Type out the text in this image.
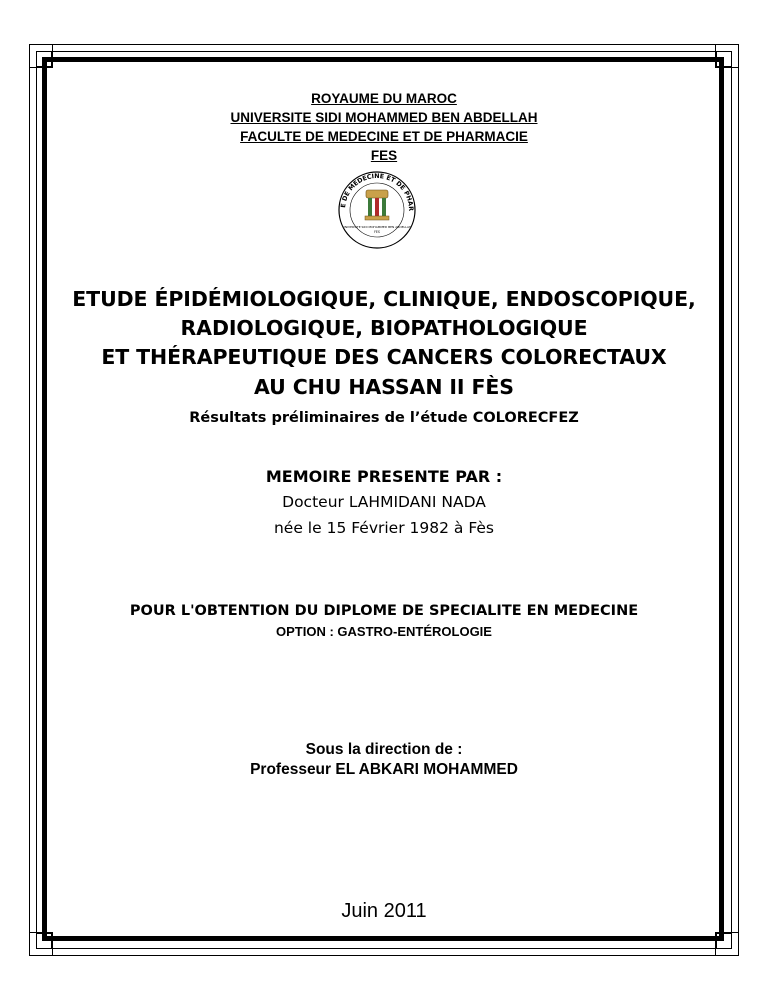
ROYAUME DU MAROC
UNIVERSITE SIDI MOHAMMED BEN ABDELLAH
FACULTE DE MEDECINE ET DE PHARMACIE
FES
E DE MEDECINE ET DE PHAR
UNIVERSITE SIDI MOHAMMED BEN ABDELLAH
FES
ETUDE ÉPIDÉMIOLOGIQUE, CLINIQUE, ENDOSCOPIQUE,
RADIOLOGIQUE, BIOPATHOLOGIQUE
ET THÉRAPEUTIQUE DES CANCERS COLORECTAUX
AU CHU HASSAN II FÈS
Résultats préliminaires de l’étude COLORECFEZ
MEMOIRE PRESENTE PAR :
Docteur LAHMIDANI NADA
née le 15 Février 1982 à Fès
POUR L'OBTENTION DU DIPLOME DE SPECIALITE EN MEDECINE
OPTION : GASTRO-ENTÉROLOGIE
Sous la direction de :
Professeur EL ABKARI MOHAMMED
Juin 2011
